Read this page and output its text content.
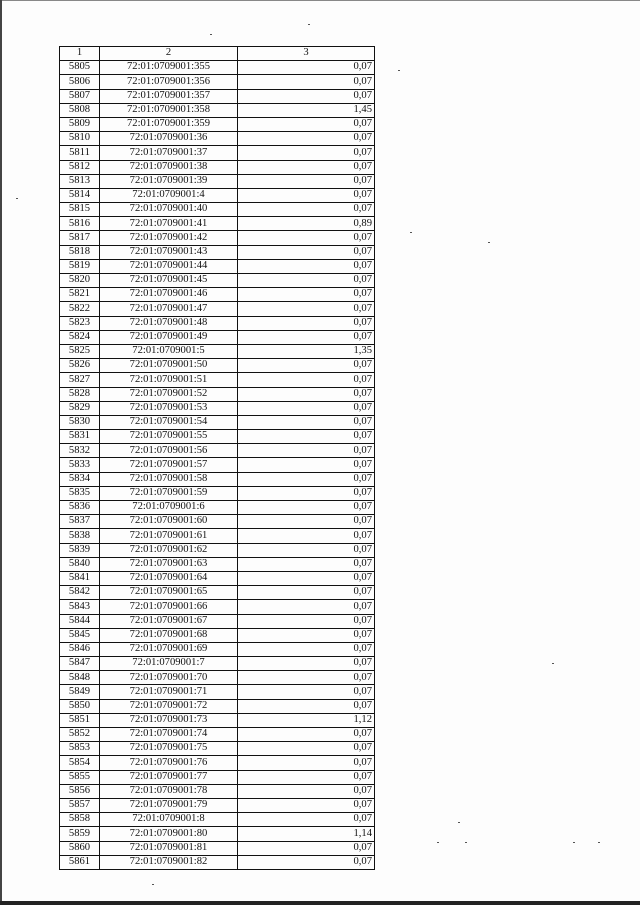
1	2	3
5805	72:01:0709001:355	0,07
5806	72:01:0709001:356	0,07
5807	72:01:0709001:357	0,07
5808	72:01:0709001:358	1,45
5809	72:01:0709001:359	0,07
5810	72:01:0709001:36	0,07
5811	72:01:0709001:37	0,07
5812	72:01:0709001:38	0,07
5813	72:01:0709001:39	0,07
5814	72:01:0709001:4	0,07
5815	72:01:0709001:40	0,07
5816	72:01:0709001:41	0,89
5817	72:01:0709001:42	0,07
5818	72:01:0709001:43	0,07
5819	72:01:0709001:44	0,07
5820	72:01:0709001:45	0,07
5821	72:01:0709001:46	0,07
5822	72:01:0709001:47	0,07
5823	72:01:0709001:48	0,07
5824	72:01:0709001:49	0,07
5825	72:01:0709001:5	1,35
5826	72:01:0709001:50	0,07
5827	72:01:0709001:51	0,07
5828	72:01:0709001:52	0,07
5829	72:01:0709001:53	0,07
5830	72:01:0709001:54	0,07
5831	72:01:0709001:55	0,07
5832	72:01:0709001:56	0,07
5833	72:01:0709001:57	0,07
5834	72:01:0709001:58	0,07
5835	72:01:0709001:59	0,07
5836	72:01:0709001:6	0,07
5837	72:01:0709001:60	0,07
5838	72:01:0709001:61	0,07
5839	72:01:0709001:62	0,07
5840	72:01:0709001:63	0,07
5841	72:01:0709001:64	0,07
5842	72:01:0709001:65	0,07
5843	72:01:0709001:66	0,07
5844	72:01:0709001:67	0,07
5845	72:01:0709001:68	0,07
5846	72:01:0709001:69	0,07
5847	72:01:0709001:7	0,07
5848	72:01:0709001:70	0,07
5849	72:01:0709001:71	0,07
5850	72:01:0709001:72	0,07
5851	72:01:0709001:73	1,12
5852	72:01:0709001:74	0,07
5853	72:01:0709001:75	0,07
5854	72:01:0709001:76	0,07
5855	72:01:0709001:77	0,07
5856	72:01:0709001:78	0,07
5857	72:01:0709001:79	0,07
5858	72:01:0709001:8	0,07
5859	72:01:0709001:80	1,14
5860	72:01:0709001:81	0,07
5861	72:01:0709001:82	0,07
